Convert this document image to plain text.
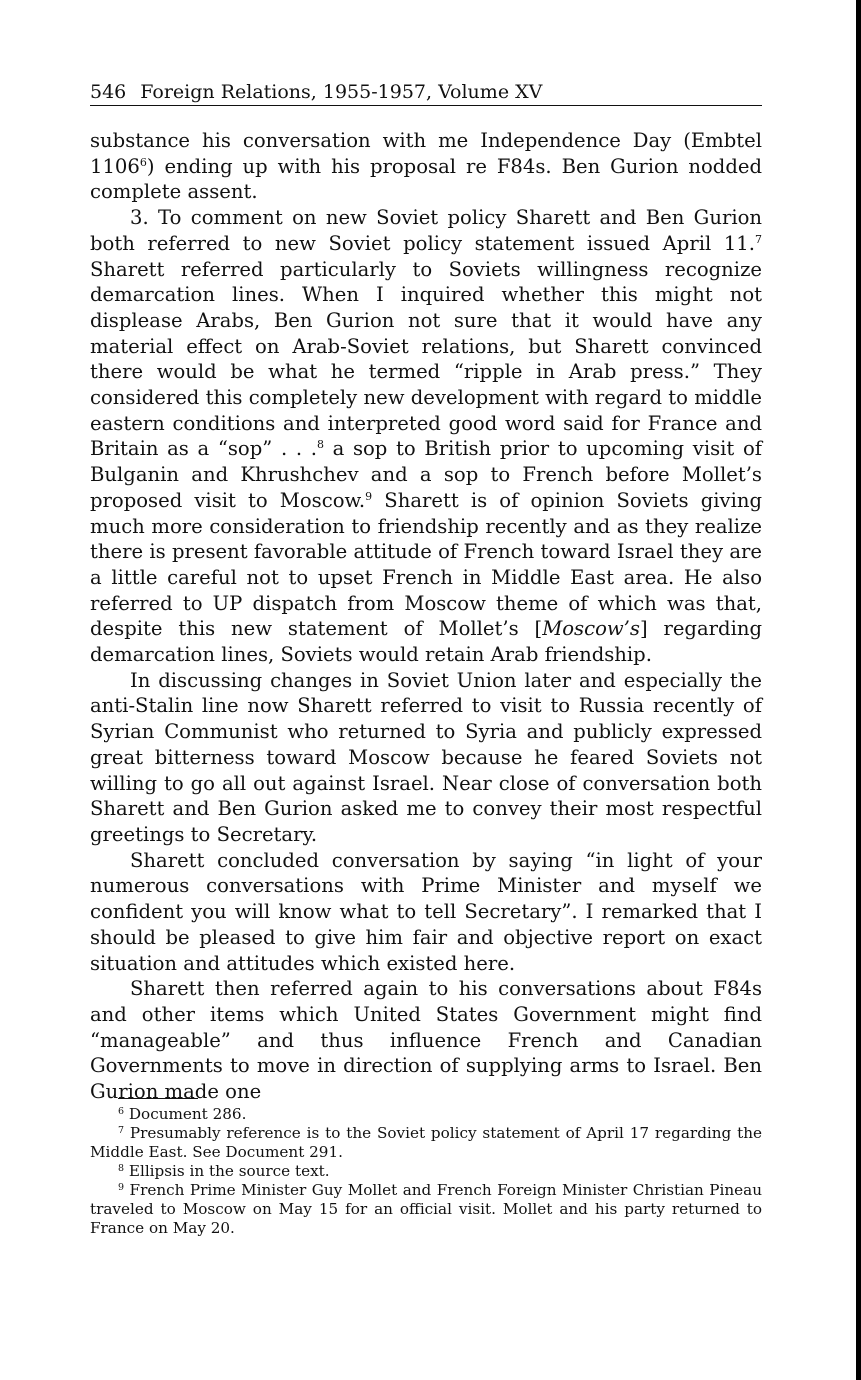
546 Foreign Relations, 1955-1957, Volume XV

substance his conversation with me Independence Day (Embtel 1106$^6$) ending up with his proposal re F84s. Ben Gurion nodded complete assent.

3. To comment on new Soviet policy Sharett and Ben Gurion both referred to new Soviet policy statement issued April 11.$^7$ Sharett referred particularly to Soviets willingness recognize demarcation lines. When I inquired whether this might not displease Arabs, Ben Gurion not sure that it would have any material effect on Arab-Soviet relations, but Sharett convinced there would be what he termed “ripple in Arab press.” They considered this completely new development with regard to middle eastern conditions and interpreted good word said for France and Britain as a “sop” . . .$^8$ a sop to British prior to upcoming visit of Bulganin and Khrushchev and a sop to French before Mollet’s proposed visit to Moscow.$^9$ Sharett is of opinion Soviets giving much more consideration to friendship recently and as they realize there is present favorable attitude of French toward Israel they are a little careful not to upset French in Middle East area. He also referred to UP dispatch from Moscow theme of which was that, despite this new statement of Mollet’s [Moscow’s] regarding demarcation lines, Soviets would retain Arab friendship.

In discussing changes in Soviet Union later and especially the anti-Stalin line now Sharett referred to visit to Russia recently of Syrian Communist who returned to Syria and publicly expressed great bitterness toward Moscow because he feared Soviets not willing to go all out against Israel. Near close of conversation both Sharett and Ben Gurion asked me to convey their most respectful greetings to Secretary.

Sharett concluded conversation by saying “in light of your numerous conversations with Prime Minister and myself we confident you will know what to tell Secretary”. I remarked that I should be pleased to give him fair and objective report on exact situation and attitudes which existed here.

Sharett then referred again to his conversations about F84s and other items which United States Government might find “manageable” and thus influence French and Canadian Governments to move in direction of supplying arms to Israel. Ben Gurion made one

$^6$ Document 286.

$^7$ Presumably reference is to the Soviet policy statement of April 17 regarding the Middle East. See Document 291.

$^8$ Ellipsis in the source text.

$^9$ French Prime Minister Guy Mollet and French Foreign Minister Christian Pineau traveled to Moscow on May 15 for an official visit. Mollet and his party returned to France on May 20.
